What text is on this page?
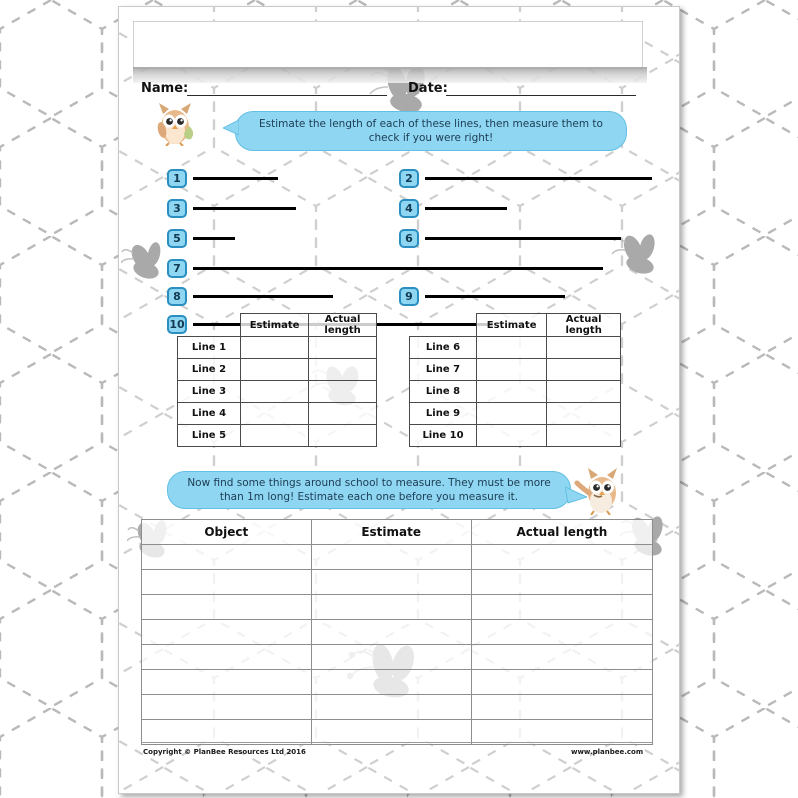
Name:	Date:
Estimate the length of each of these lines, then measure them to check if you were right!
1	2
3	4
5	6
7
8	9
10
		Estimate	Actual length
Line 1		
Line 2		
Line 3		
Line 4		
Line 5		
	Estimate	Actual length
Line 6		
Line 7		
Line 8		
Line 9		
Line 10		
Now find some things around school to measure. They must be more than 1m long! Estimate each one before you measure it.
Object	Estimate	Actual length

Copyright © PlanBee Resources Ltd 2016	www.planbee.com
